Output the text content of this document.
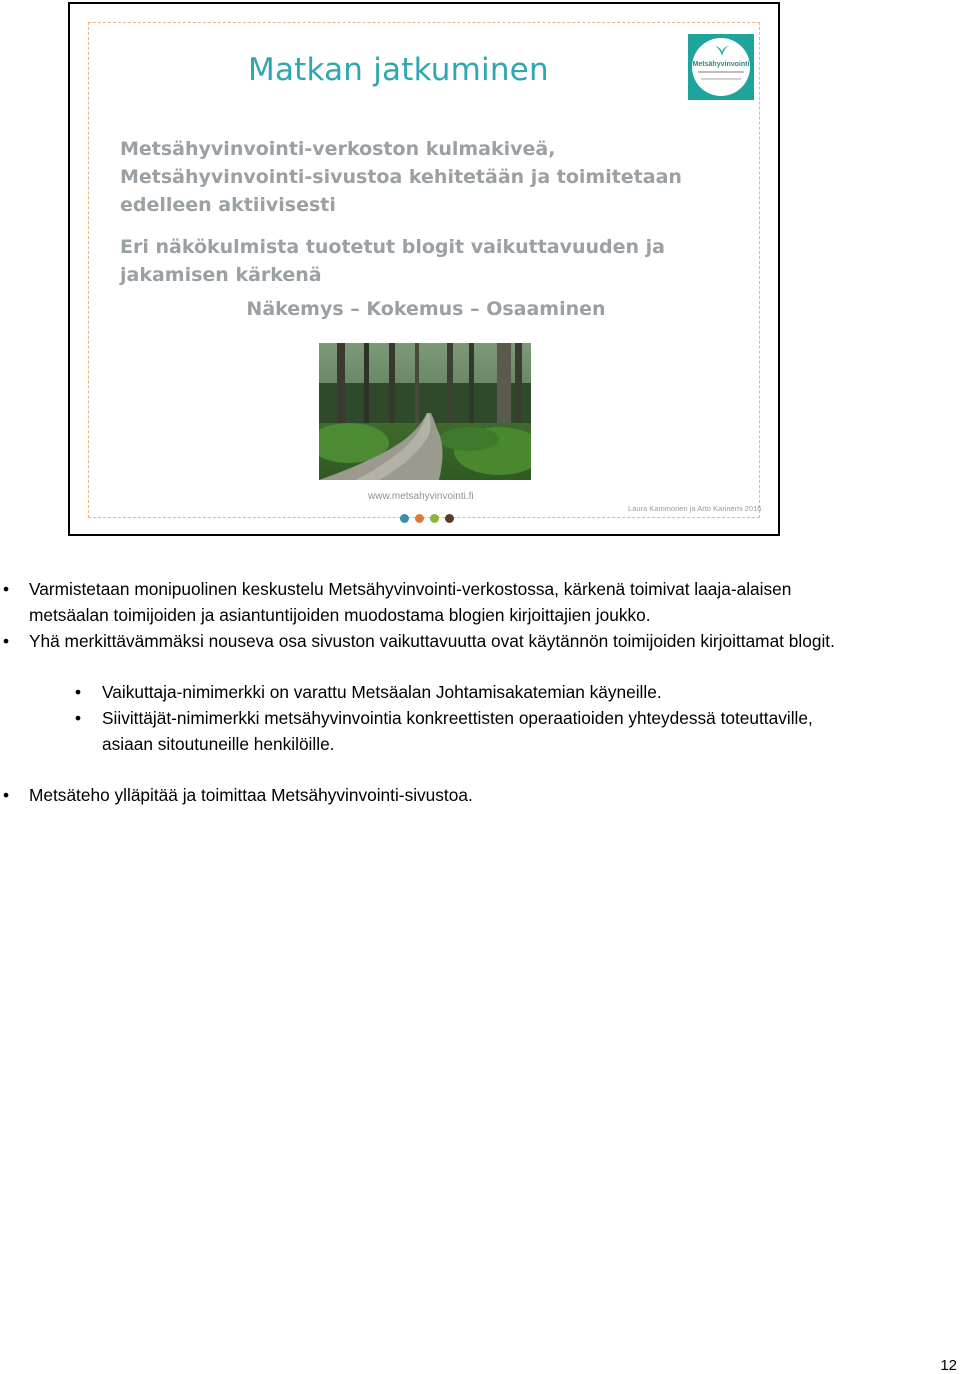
Matkan jatkuminen	Metsähyvinvointi

Metsähyvinvointi-verkoston kulmakiveä, Metsähyvinvointi-sivustoa kehitetään ja toimitetaan edelleen aktiivisesti

Eri näkökulmista tuotetut blogit vaikuttavuuden ja jakamisen kärkenä

Näkemys – Kokemus – Osaaminen

www.metsahyvinvointi.fi
Laura Kammonen ja Arto Karinemi 2016
• Varmistetaan monipuolinen keskustelu Metsähyvinvointi-verkostossa, kärkenä toimivat laaja-alaisen metsäalan toimijoiden ja asiantuntijoiden muodostama blogien kirjoittajien joukko.
• Yhä merkittävämmäksi nouseva osa sivuston vaikuttavuutta ovat käytännön toimijoiden kirjoittamat blogit.
• Vaikuttaja-nimimerkki on varattu Metsäalan Johtamisakatemian käyneille.
• Siivittäjät-nimimerkki metsähyvinvointia konkreettisten operaatioiden yhteydessä toteuttaville, asiaan sitoutuneille henkilöille.
• Metsäteho ylläpitää ja toimittaa Metsähyvinvointi-sivustoa.
12
